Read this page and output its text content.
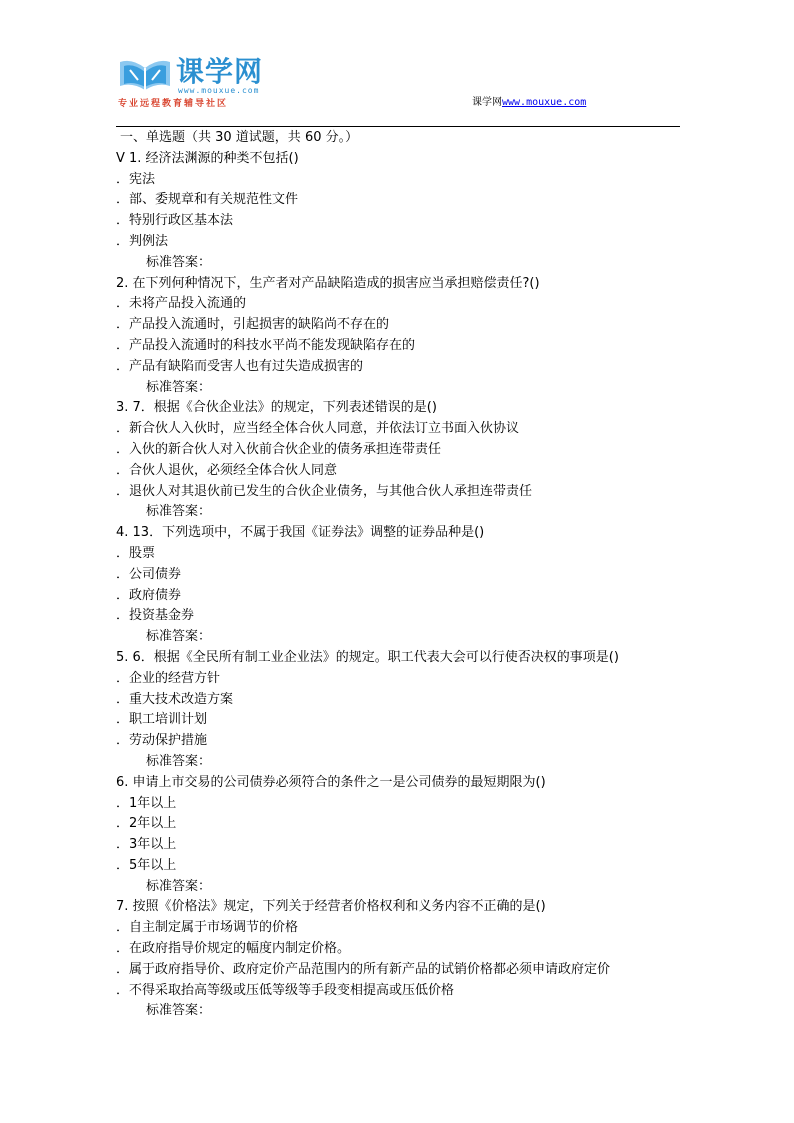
课学网
www.mouxue.com
专业远程教育辅导社区	课学网www.mouxue.com
一、单选题（共 30 道试题，共 60 分。）
V 1. 经济法渊源的种类不包括()
．宪法
．部、委规章和有关规范性文件
．特别行政区基本法
．判例法
标准答案：
2. 在下列何种情况下，生产者对产品缺陷造成的损害应当承担赔偿责任?()
．未将产品投入流通的
．产品投入流通时，引起损害的缺陷尚不存在的
．产品投入流通时的科技水平尚不能发现缺陷存在的
．产品有缺陷而受害人也有过失造成损害的
标准答案：
3. 7．根据《合伙企业法》的规定，下列表述错误的是()
．新合伙人入伙时，应当经全体合伙人同意，并依法订立书面入伙协议
．入伙的新合伙人对入伙前合伙企业的债务承担连带责任
．合伙人退伙，必须经全体合伙人同意
．退伙人对其退伙前已发生的合伙企业债务，与其他合伙人承担连带责任
标准答案：
4. 13．下列选项中，不属于我国《证券法》调整的证券品种是()
．股票
．公司债券
．政府债券
．投资基金券
标准答案：
5. 6．根据《全民所有制工业企业法》的规定。职工代表大会可以行使否决权的事项是()
．企业的经营方针
．重大技术改造方案
．职工培训计划
．劳动保护措施
标准答案：
6. 申请上市交易的公司债券必须符合的条件之一是公司债券的最短期限为()
．1年以上
．2年以上
．3年以上
．5年以上
标准答案：
7. 按照《价格法》规定，下列关于经营者价格权利和义务内容不正确的是()
．自主制定属于市场调节的价格
．在政府指导价规定的幅度内制定价格。
．属于政府指导价、政府定价产品范围内的所有新产品的试销价格都必须申请政府定价
．不得采取抬高等级或压低等级等手段变相提高或压低价格
标准答案：
